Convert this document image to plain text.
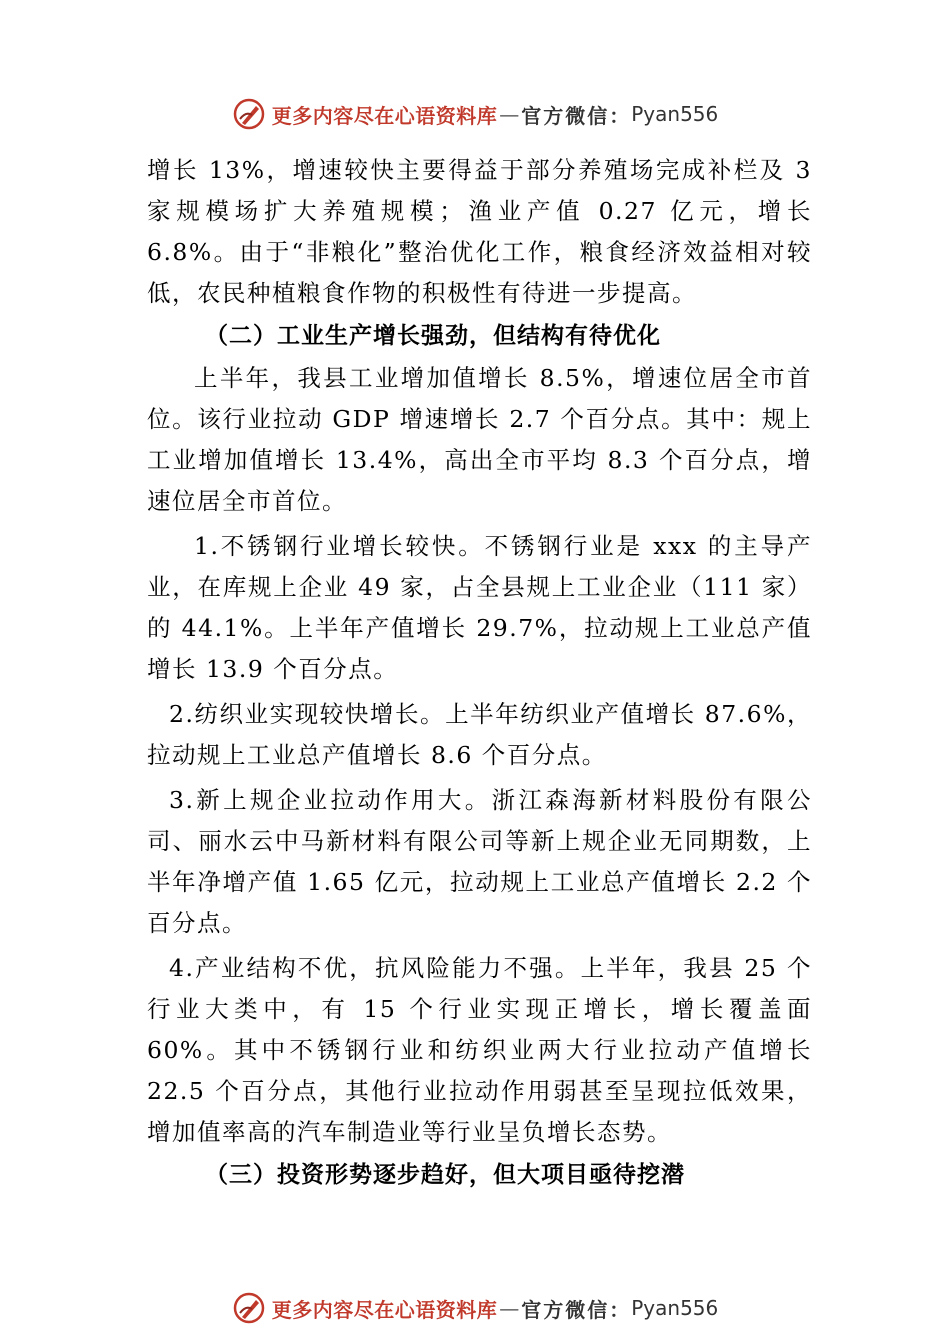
更多内容尽在心语资料库 — 官方微信： Pyan556

增长 13%，增速较快主要得益于部分养殖场完成补栏及 3 家规模场扩大养殖规模；渔业产值 0.27 亿元，增长 6.8%。由于“非粮化”整治优化工作，粮食经济效益相对较低，农民种植粮食作物的积极性有待进一步提高。

（二）工业生产增长强劲，但结构有待优化

上半年，我县工业增加值增长 8.5%，增速位居全市首位。该行业拉动 GDP 增速增长 2.7 个百分点。其中：规上工业增加值增长 13.4%，高出全市平均 8.3 个百分点，增速位居全市首位。

1.不锈钢行业增长较快。不锈钢行业是 xxx 的主导产业，在库规上企业 49 家，占全县规上工业企业（111 家）的 44.1%。上半年产值增长 29.7%，拉动规上工业总产值增长 13.9 个百分点。

2.纺织业实现较快增长。上半年纺织业产值增长 87.6%，拉动规上工业总产值增长 8.6 个百分点。

3.新上规企业拉动作用大。浙江森海新材料股份有限公司、丽水云中马新材料有限公司等新上规企业无同期数，上半年净增产值 1.65 亿元，拉动规上工业总产值增长 2.2 个百分点。

4.产业结构不优，抗风险能力不强。上半年，我县 25 个行业大类中，有 15 个行业实现正增长，增长覆盖面 60%。其中不锈钢行业和纺织业两大行业拉动产值增长 22.5 个百分点，其他行业拉动作用弱甚至呈现拉低效果，增加值率高的汽车制造业等行业呈负增长态势。

（三）投资形势逐步趋好，但大项目亟待挖潜
更多内容尽在心语资料库 — 官方微信： Pyan556
